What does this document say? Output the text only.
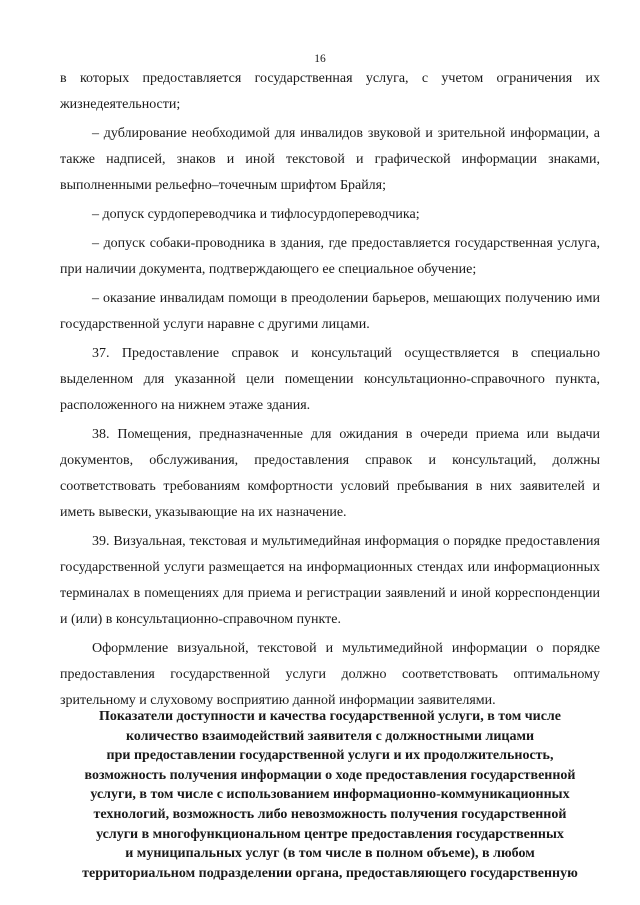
16

в которых предоставляется государственная услуга, с учетом ограничения их жизнедеятельности;

– дублирование необходимой для инвалидов звуковой и зрительной информации, а также надписей, знаков и иной текстовой и графической информации знаками, выполненными рельефно–точечным шрифтом Брайля;

– допуск сурдопереводчика и тифлосурдопереводчика;

– допуск собаки-проводника в здания, где предоставляется государственная услуга, при наличии документа, подтверждающего ее специальное обучение;

– оказание инвалидам помощи в преодолении барьеров, мешающих получению ими государственной услуги наравне с другими лицами.

37. Предоставление справок и консультаций осуществляется в специально выделенном для указанной цели помещении консультационно-справочного пункта, расположенного на нижнем этаже здания.

38. Помещения, предназначенные для ожидания в очереди приема или выдачи документов, обслуживания, предоставления справок и консультаций, должны соответствовать требованиям комфортности условий пребывания в них заявителей и иметь вывески, указывающие на их назначение.

39. Визуальная, текстовая и мультимедийная информация о порядке предоставления государственной услуги размещается на информационных стендах или информационных терминалах в помещениях для приема и регистрации заявлений и иной корреспонденции и (или) в консультационно-справочном пункте.

Оформление визуальной, текстовой и мультимедийной информации о порядке предоставления государственной услуги должно соответствовать оптимальному зрительному и слуховому восприятию данной информации заявителями.

Показатели доступности и качества государственной услуги, в том числе
количество взаимодействий заявителя с должностными лицами
при предоставлении государственной услуги и их продолжительность,
возможность получения информации о ходе предоставления государственной
услуги, в том числе с использованием информационно-коммуникационных
технологий, возможность либо невозможность получения государственной
услуги в многофункциональном центре предоставления государственных
и муниципальных услуг (в том числе в полном объеме), в любом
территориальном подразделении органа, предоставляющего государственную
